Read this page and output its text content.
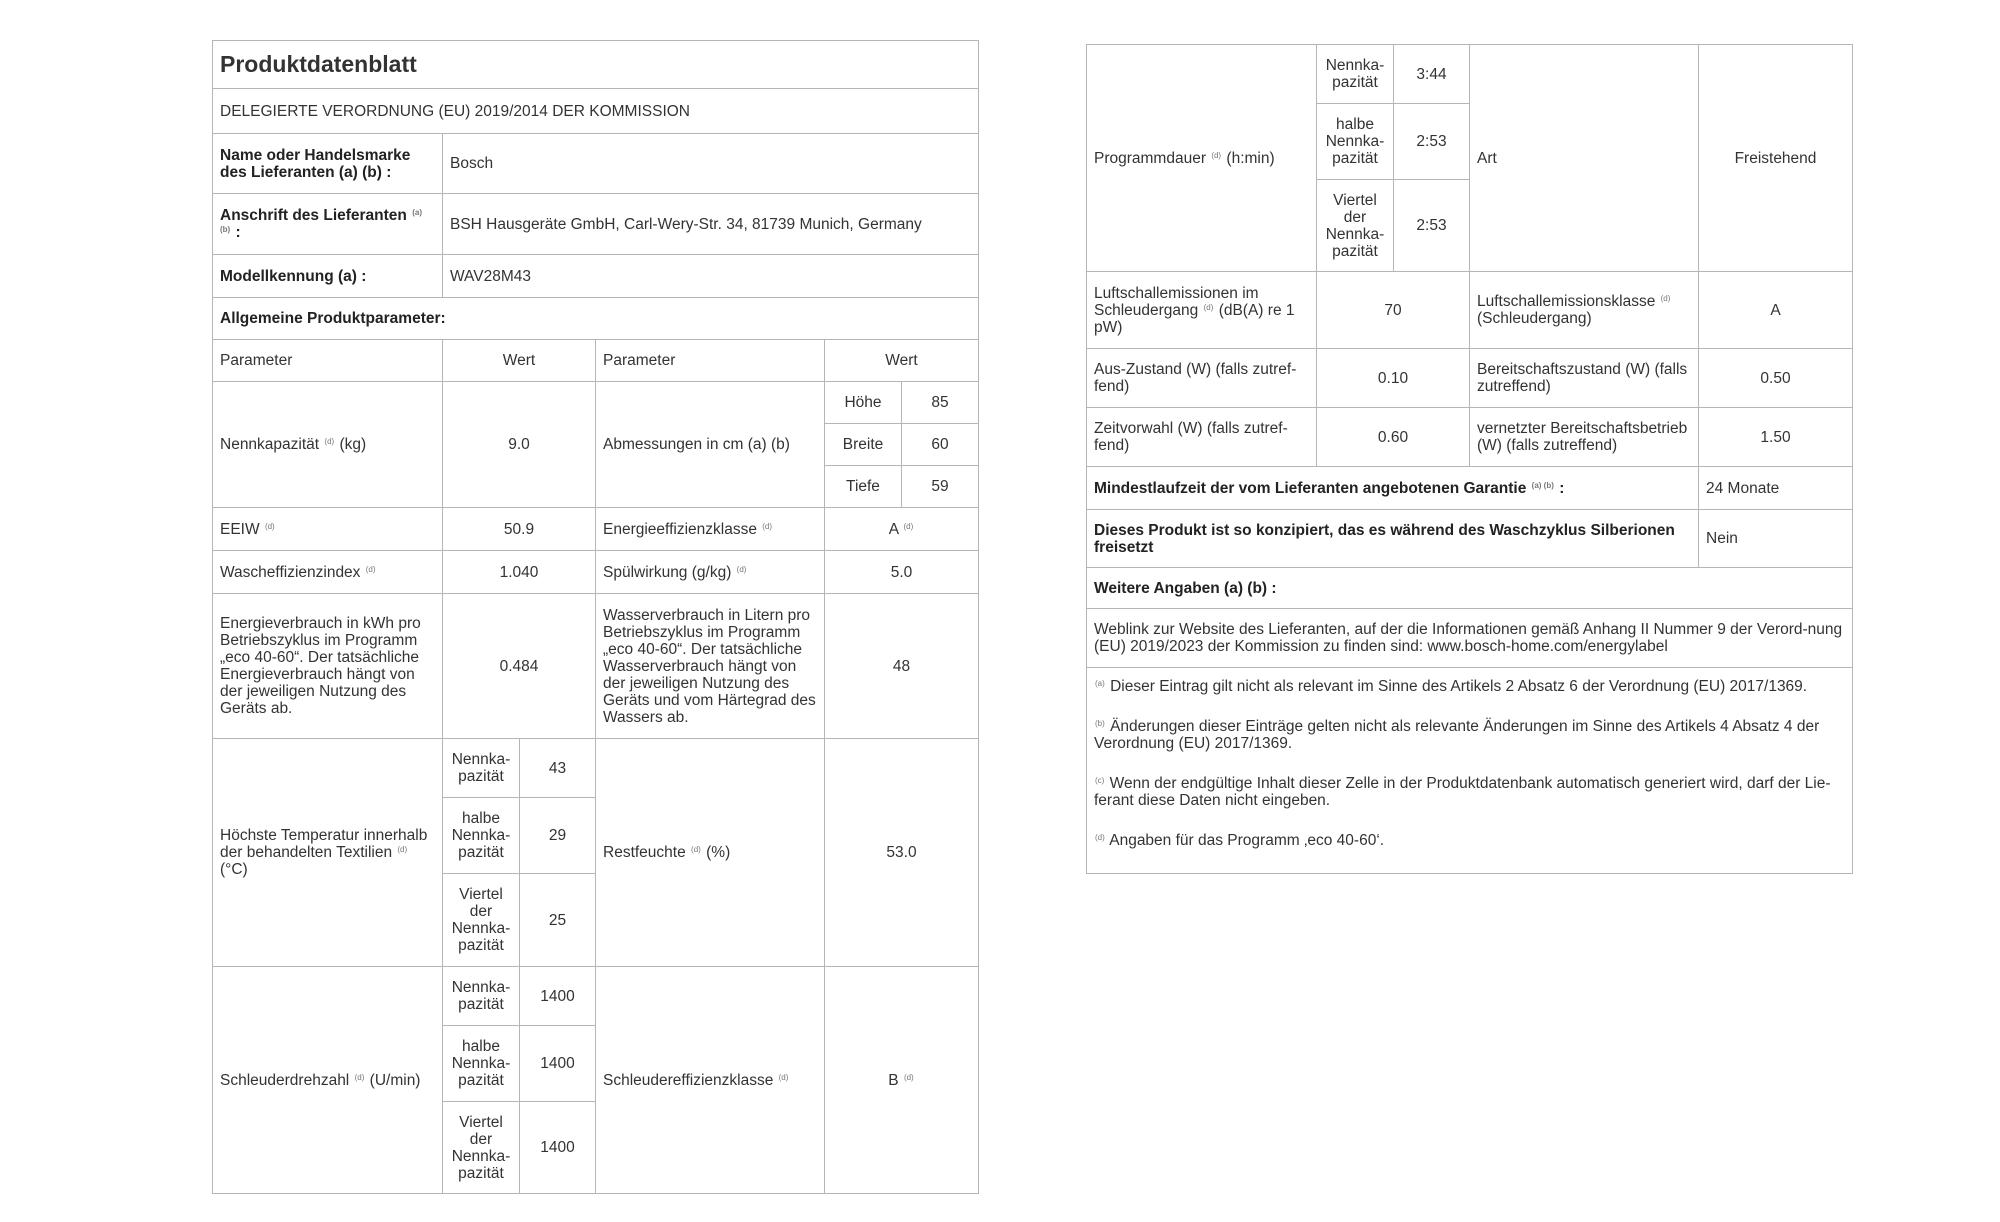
Produktdatenblatt					
DELEGIERTE VERORDNUNG (EU) 2019/2014 DER KOMMISSION					
Name oder Handelsmarke des Lieferanten (a) (b) :	Bosch				
Anschrift des Lieferanten $^{(a) (b)}$ :	BSH Hausgeräte GmbH, Carl-Wery-Str. 34, 81739 Munich, Germany				
Modellkennung (a) :	WAV28M43				
Allgemeine Produktparameter:					
Parameter	Wert		Parameter	Wert	
Nennkapazität $^{(d)}$ (kg)	9.0		Abmessungen in cm (a) (b)	Höhe	85
				Breite	60
				Tiefe	59
EEIW $^{(d)}$	50.9		Energieeffizienzklasse $^{(d)}$	A $^{(d)}$
Wascheffizienzindex $^{(d)}$	1.040		Spülwirkung (g/kg) $^{(d)}$	5.0	
Energieverbrauch in kWh pro Betriebszyklus im Programm „eco 40-60“. Der tatsächliche Energieverbrauch hängt von der jeweiligen Nutzung des Geräts ab.	0.484		Wasserverbrauch in Litern pro Betriebszyklus im Programm „eco 40-60“. Der tatsächliche Wasserverbrauch hängt von der jeweiligen Nutzung des Geräts und vom Härtegrad des Wassers ab.	48	
Höchste Temperatur innerhalb der behandelten Textilien $^{(d)}$ (°C)	Nennka-pazität	43	Restfeuchte $^{(d)}$ (%)	53.0	
	halbe Nennka-pazität	29			
	Viertel der Nennka-pazität	25			
Schleuderdrehzahl $^{(d)}$ (U/min)	Nennka-pazität	1400	Schleudereffizienzklasse $^{(d)}$	B $^{(d)}$
	halbe Nennka-pazität	1400			
	Viertel der Nennka-pazität	1400			
Programmdauer $^{(d)}$ (h:min)	Nennka-pazität	3:44	Art	Freistehend
	halbe Nennka-pazität	2:53		
	Viertel der Nennka-pazität	2:53		
Luftschallemissionen im Schleudergang $^{(d)}$ (dB(A) re 1 pW)	70		Luftschallemissionsklasse $^{(d)}$ (Schleudergang)	A
Aus-Zustand (W) (falls zutref-fend)	0.10		Bereitschaftszustand (W) (falls zutreffend)	0.50
Zeitvorwahl (W) (falls zutref-fend)	0.60		vernetzter Bereitschaftsbetrieb (W) (falls zutreffend)	1.50
Mindestlaufzeit der vom Lieferanten angebotenen Garantie $^{(a) (b)}$ :				24 Monate
Dieses Produkt ist so konzipiert, das es während des Waschzyklus Silberionen freisetzt				Nein
Weitere Angaben (a) (b) :				
Weblink zur Website des Lieferanten, auf der die Informationen gemäß Anhang II Nummer 9 der Verord-nung (EU) 2019/2023 der Kommission zu finden sind: www.bosch-home.com/energylabel				

$^{(a)}$ Dieser Eintrag gilt nicht als relevant im Sinne des Artikels 2 Absatz 6 der Verordnung (EU) 2017/1369.
$^{(b)}$ Änderungen dieser Einträge gelten nicht als relevante Änderungen im Sinne des Artikels 4 Absatz 4 der Verordnung (EU) 2017/1369.
$^{(c)}$ Wenn der endgültige Inhalt dieser Zelle in der Produktdatenbank automatisch generiert wird, darf der Lie-ferant diese Daten nicht eingeben.
$^{(d)}$ Angaben für das Programm ‚eco 40-60‘.				
